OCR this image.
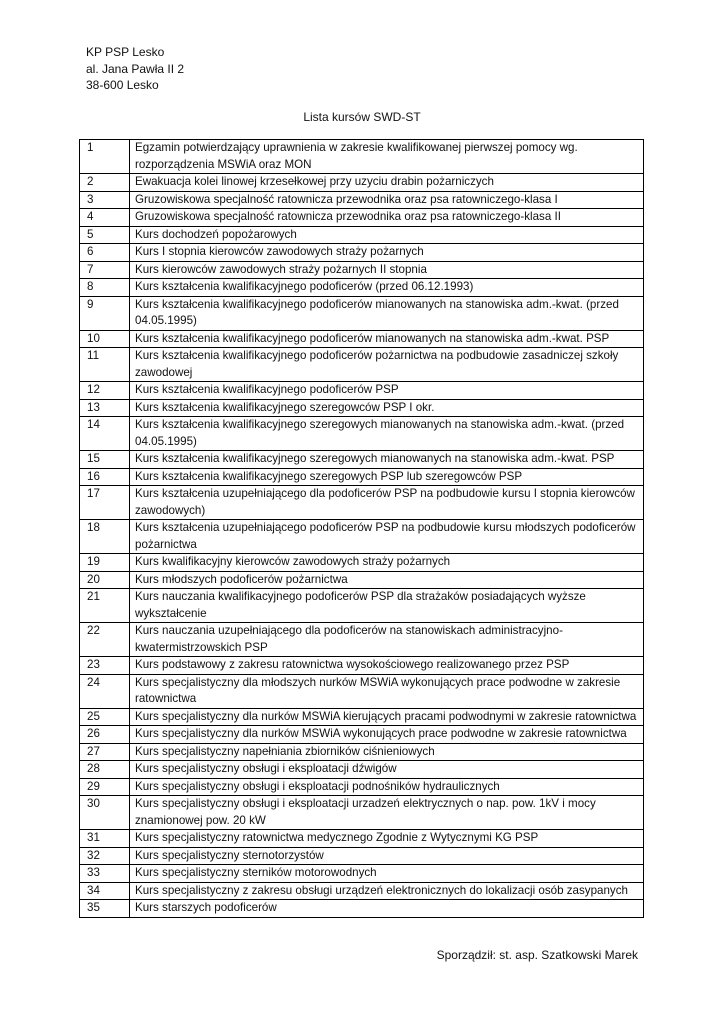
KP PSP Lesko
al. Jana Pawła II 2
38-600 Lesko
Lista kursów SWD-ST
1	Egzamin potwierdzający uprawnienia w zakresie kwalifikowanej pierwszej pomocy wg. rozporządzenia MSWiA oraz MON
2	Ewakuacja kolei linowej krzesełkowej przy uzyciu drabin pożarniczych
3	Gruzowiskowa specjalność ratownicza przewodnika oraz psa ratowniczego-klasa I
4	Gruzowiskowa specjalność ratownicza przewodnika oraz psa ratowniczego-klasa II
5	Kurs dochodzeń popożarowych
6	Kurs I stopnia kierowców zawodowych straży pożarnych
7	Kurs kierowców zawodowych straży pożarnych II stopnia
8	Kurs kształcenia kwalifikacyjnego podoficerów (przed 06.12.1993)
9	Kurs kształcenia kwalifikacyjnego podoficerów mianowanych na stanowiska adm.-kwat. (przed 04.05.1995)
10	Kurs kształcenia kwalifikacyjnego podoficerów mianowanych na stanowiska adm.-kwat. PSP
11	Kurs kształcenia kwalifikacyjnego podoficerów pożarnictwa na podbudowie zasadniczej szkoły zawodowej
12	Kurs kształcenia kwalifikacyjnego podoficerów PSP
13	Kurs kształcenia kwalifikacyjnego szeregowców PSP I okr.
14	Kurs kształcenia kwalifikacyjnego szeregowych mianowanych na stanowiska adm.-kwat. (przed 04.05.1995)
15	Kurs kształcenia kwalifikacyjnego szeregowych mianowanych na stanowiska adm.-kwat. PSP
16	Kurs kształcenia kwalifikacyjnego szeregowych PSP lub szeregowców PSP
17	Kurs kształcenia uzupełniającego dla podoficerów PSP na podbudowie kursu I stopnia kierowców zawodowych)
18	Kurs kształcenia uzupełniającego podoficerów PSP na podbudowie kursu młodszych podoficerów pożarnictwa
19	Kurs kwalifikacyjny kierowców zawodowych straży pożarnych
20	Kurs młodszych podoficerów pożarnictwa
21	Kurs nauczania kwalifikacyjnego podoficerów PSP dla strażaków posiadających wyższe wykształcenie
22	Kurs nauczania uzupełniającego dla podoficerów na stanowiskach administracyjno-kwatermistrzowskich PSP
23	Kurs podstawowy z zakresu ratownictwa wysokościowego realizowanego przez PSP
24	Kurs specjalistyczny dla młodszych nurków MSWiA wykonujących prace podwodne w zakresie ratownictwa
25	Kurs specjalistyczny dla nurków MSWiA kierujących pracami podwodnymi w zakresie ratownictwa
26	Kurs specjalistyczny dla nurków MSWiA wykonujących prace podwodne w zakresie ratownictwa
27	Kurs specjalistyczny napełniania zbiorników ciśnieniowych
28	Kurs specjalistyczny obsługi i eksploatacji dźwigów
29	Kurs specjalistyczny obsługi i eksploatacji podnośników hydraulicznych
30	Kurs specjalistyczny obsługi i eksploatacji urzadzeń elektrycznych o nap. pow. 1kV i mocy znamionowej pow. 20 kW
31	Kurs specjalistyczny ratownictwa medycznego Zgodnie z Wytycznymi KG PSP
32	Kurs specjalistyczny sternotorzystów
33	Kurs specjalistyczny sterników motorowodnych
34	Kurs specjalistyczny z zakresu obsługi urządzeń elektronicznych do lokalizacji osób zasypanych
35	Kurs starszych podoficerów
Sporządził: st. asp. Szatkowski Marek
